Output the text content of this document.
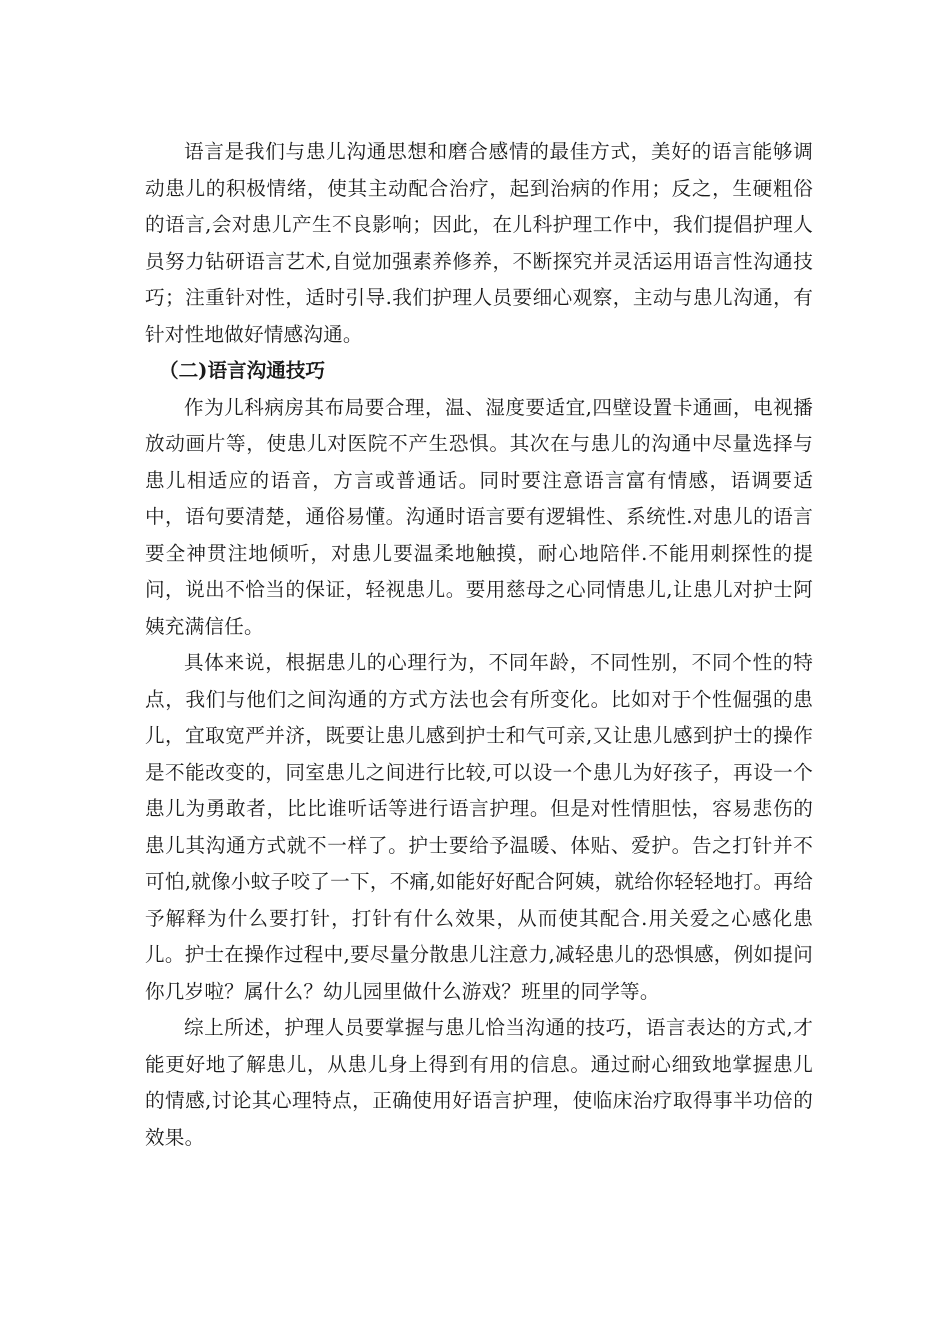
语言是我们与患儿沟通思想和磨合感情的最佳方式，美好的语言能够调动患儿的积极情绪，使其主动配合治疗，起到治病的作用；反之，生硬粗俗的语言,会对患儿产生不良影响；因此，在儿科护理工作中，我们提倡护理人员努力钻研语言艺术,自觉加强素养修养，不断探究并灵活运用语言性沟通技巧；注重针对性，适时引导.我们护理人员要细心观察，主动与患儿沟通，有针对性地做好情感沟通。

（二)语言沟通技巧

作为儿科病房其布局要合理，温、湿度要适宜,四壁设置卡通画，电视播放动画片等，使患儿对医院不产生恐惧。其次在与患儿的沟通中尽量选择与患儿相适应的语音，方言或普通话。同时要注意语言富有情感，语调要适中，语句要清楚，通俗易懂。沟通时语言要有逻辑性、系统性.对患儿的语言要全神贯注地倾听，对患儿要温柔地触摸，耐心地陪伴.不能用刺探性的提问，说出不恰当的保证，轻视患儿。要用慈母之心同情患儿,让患儿对护士阿姨充满信任。

具体来说，根据患儿的心理行为，不同年龄，不同性别，不同个性的特点，我们与他们之间沟通的方式方法也会有所变化。比如对于个性倔强的患儿，宜取宽严并济，既要让患儿感到护士和气可亲,又让患儿感到护士的操作是不能改变的，同室患儿之间进行比较,可以设一个患儿为好孩子，再设一个患儿为勇敢者，比比谁听话等进行语言护理。但是对性情胆怯，容易悲伤的患儿其沟通方式就不一样了。护士要给予温暖、体贴、爱护。告之打针并不可怕,就像小蚊子咬了一下，不痛,如能好好配合阿姨，就给你轻轻地打。再给予解释为什么要打针，打针有什么效果，从而使其配合.用关爱之心感化患儿。护士在操作过程中,要尽量分散患儿注意力,减轻患儿的恐惧感，例如提问你几岁啦？属什么？幼儿园里做什么游戏？班里的同学等。

综上所述，护理人员要掌握与患儿恰当沟通的技巧，语言表达的方式,才能更好地了解患儿，从患儿身上得到有用的信息。通过耐心细致地掌握患儿的情感,讨论其心理特点，正确使用好语言护理，使临床治疗取得事半功倍的效果。
